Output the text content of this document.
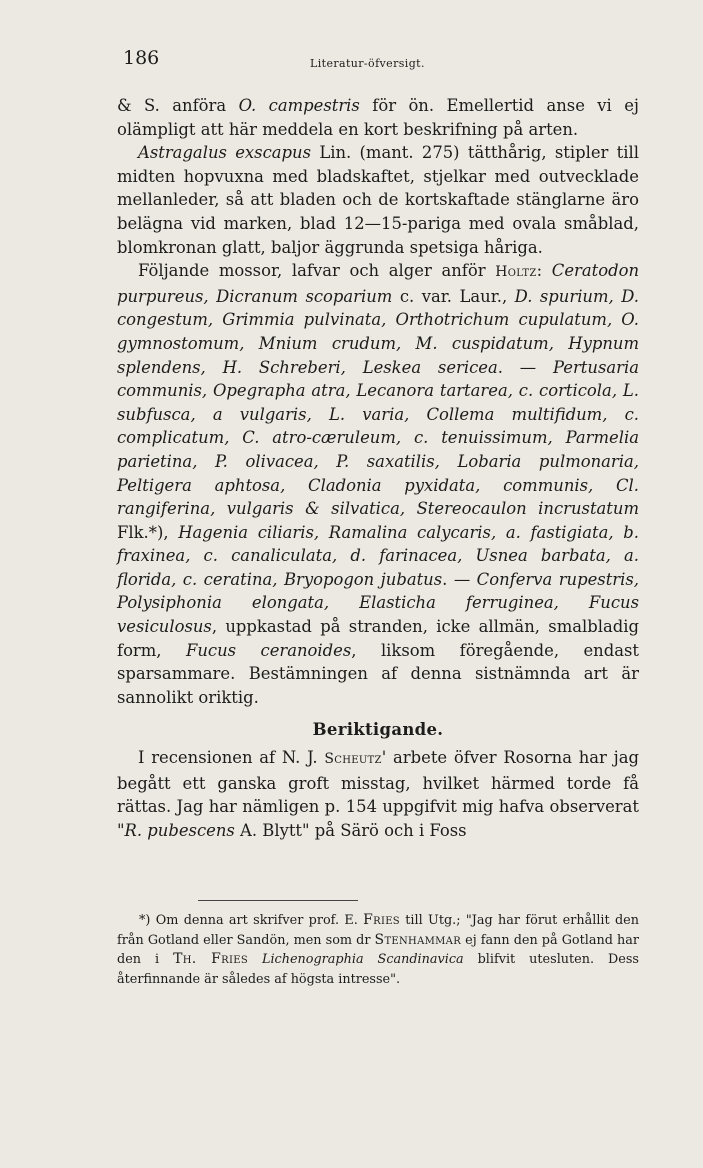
186	Literatur-öfversigt.

& S. anföra O. campestris för ön. Emellertid anse vi ej olämpligt att här meddela en kort beskrifning på arten.

Astragalus exscapus Lin. (mant. 275) tätthårig, stipler till midten hopvuxna med bladskaftet, stjelkar med outvecklade mellanleder, så att bladen och de kortskaftade stänglarne äro belägna vid marken, blad 12—15-pariga med ovala småblad, blomkronan glatt, baljor äggrunda spetsiga håriga.

Följande mossor, lafvar och alger anför Holtz: Ceratodon purpureus, Dicranum scoparium c. var. Laur., D. spurium, D. congestum, Grimmia pulvinata, Orthotrichum cupulatum, O. gymnostomum, Mnium crudum, M. cuspidatum, Hypnum splendens, H. Schreberi, Leskea sericea. — Pertusaria communis, Opegrapha atra, Lecanora tartarea, c. corticola, L. subfusca, a vulgaris, L. varia, Collema multifidum, c. complicatum, C. atro-cæruleum, c. tenuissimum, Parmelia parietina, P. olivacea, P. saxatilis, Lobaria pulmonaria, Peltigera aphtosa, Cladonia pyxidata, communis, Cl. rangiferina, vulgaris & silvatica, Stereocaulon incrustatum Flk.*), Hagenia ciliaris, Ramalina calycaris, a. fastigiata, b. fraxinea, c. canaliculata, d. farinacea, Usnea barbata, a. florida, c. ceratina, Bryopogon jubatus. — Conferva rupestris, Polysiphonia elongata, Elasticha ferruginea, Fucus vesiculosus, uppkastad på stranden, icke allmän, smalbladig form, Fucus ceranoides, liksom föregående, endast sparsammare. Bestämningen af denna sistnämnda art är sannolikt oriktig.

Beriktigande.

I recensionen af N. J. Scheutz' arbete öfver Rosorna har jag begått ett ganska groft misstag, hvilket härmed torde få rättas. Jag har nämligen p. 154 uppgifvit mig hafva observerat "R. pubescens A. Blytt" på Särö och i Foss

*) Om denna art skrifver prof. E. Fries till Utg.; "Jag har förut erhållit den från Gotland eller Sandön, men som dr Stenhammar ej fann den på Gotland har den i Th. Fries Lichenographia Scandinavica blifvit utesluten. Dess återfinnande är således af högsta intresse".
